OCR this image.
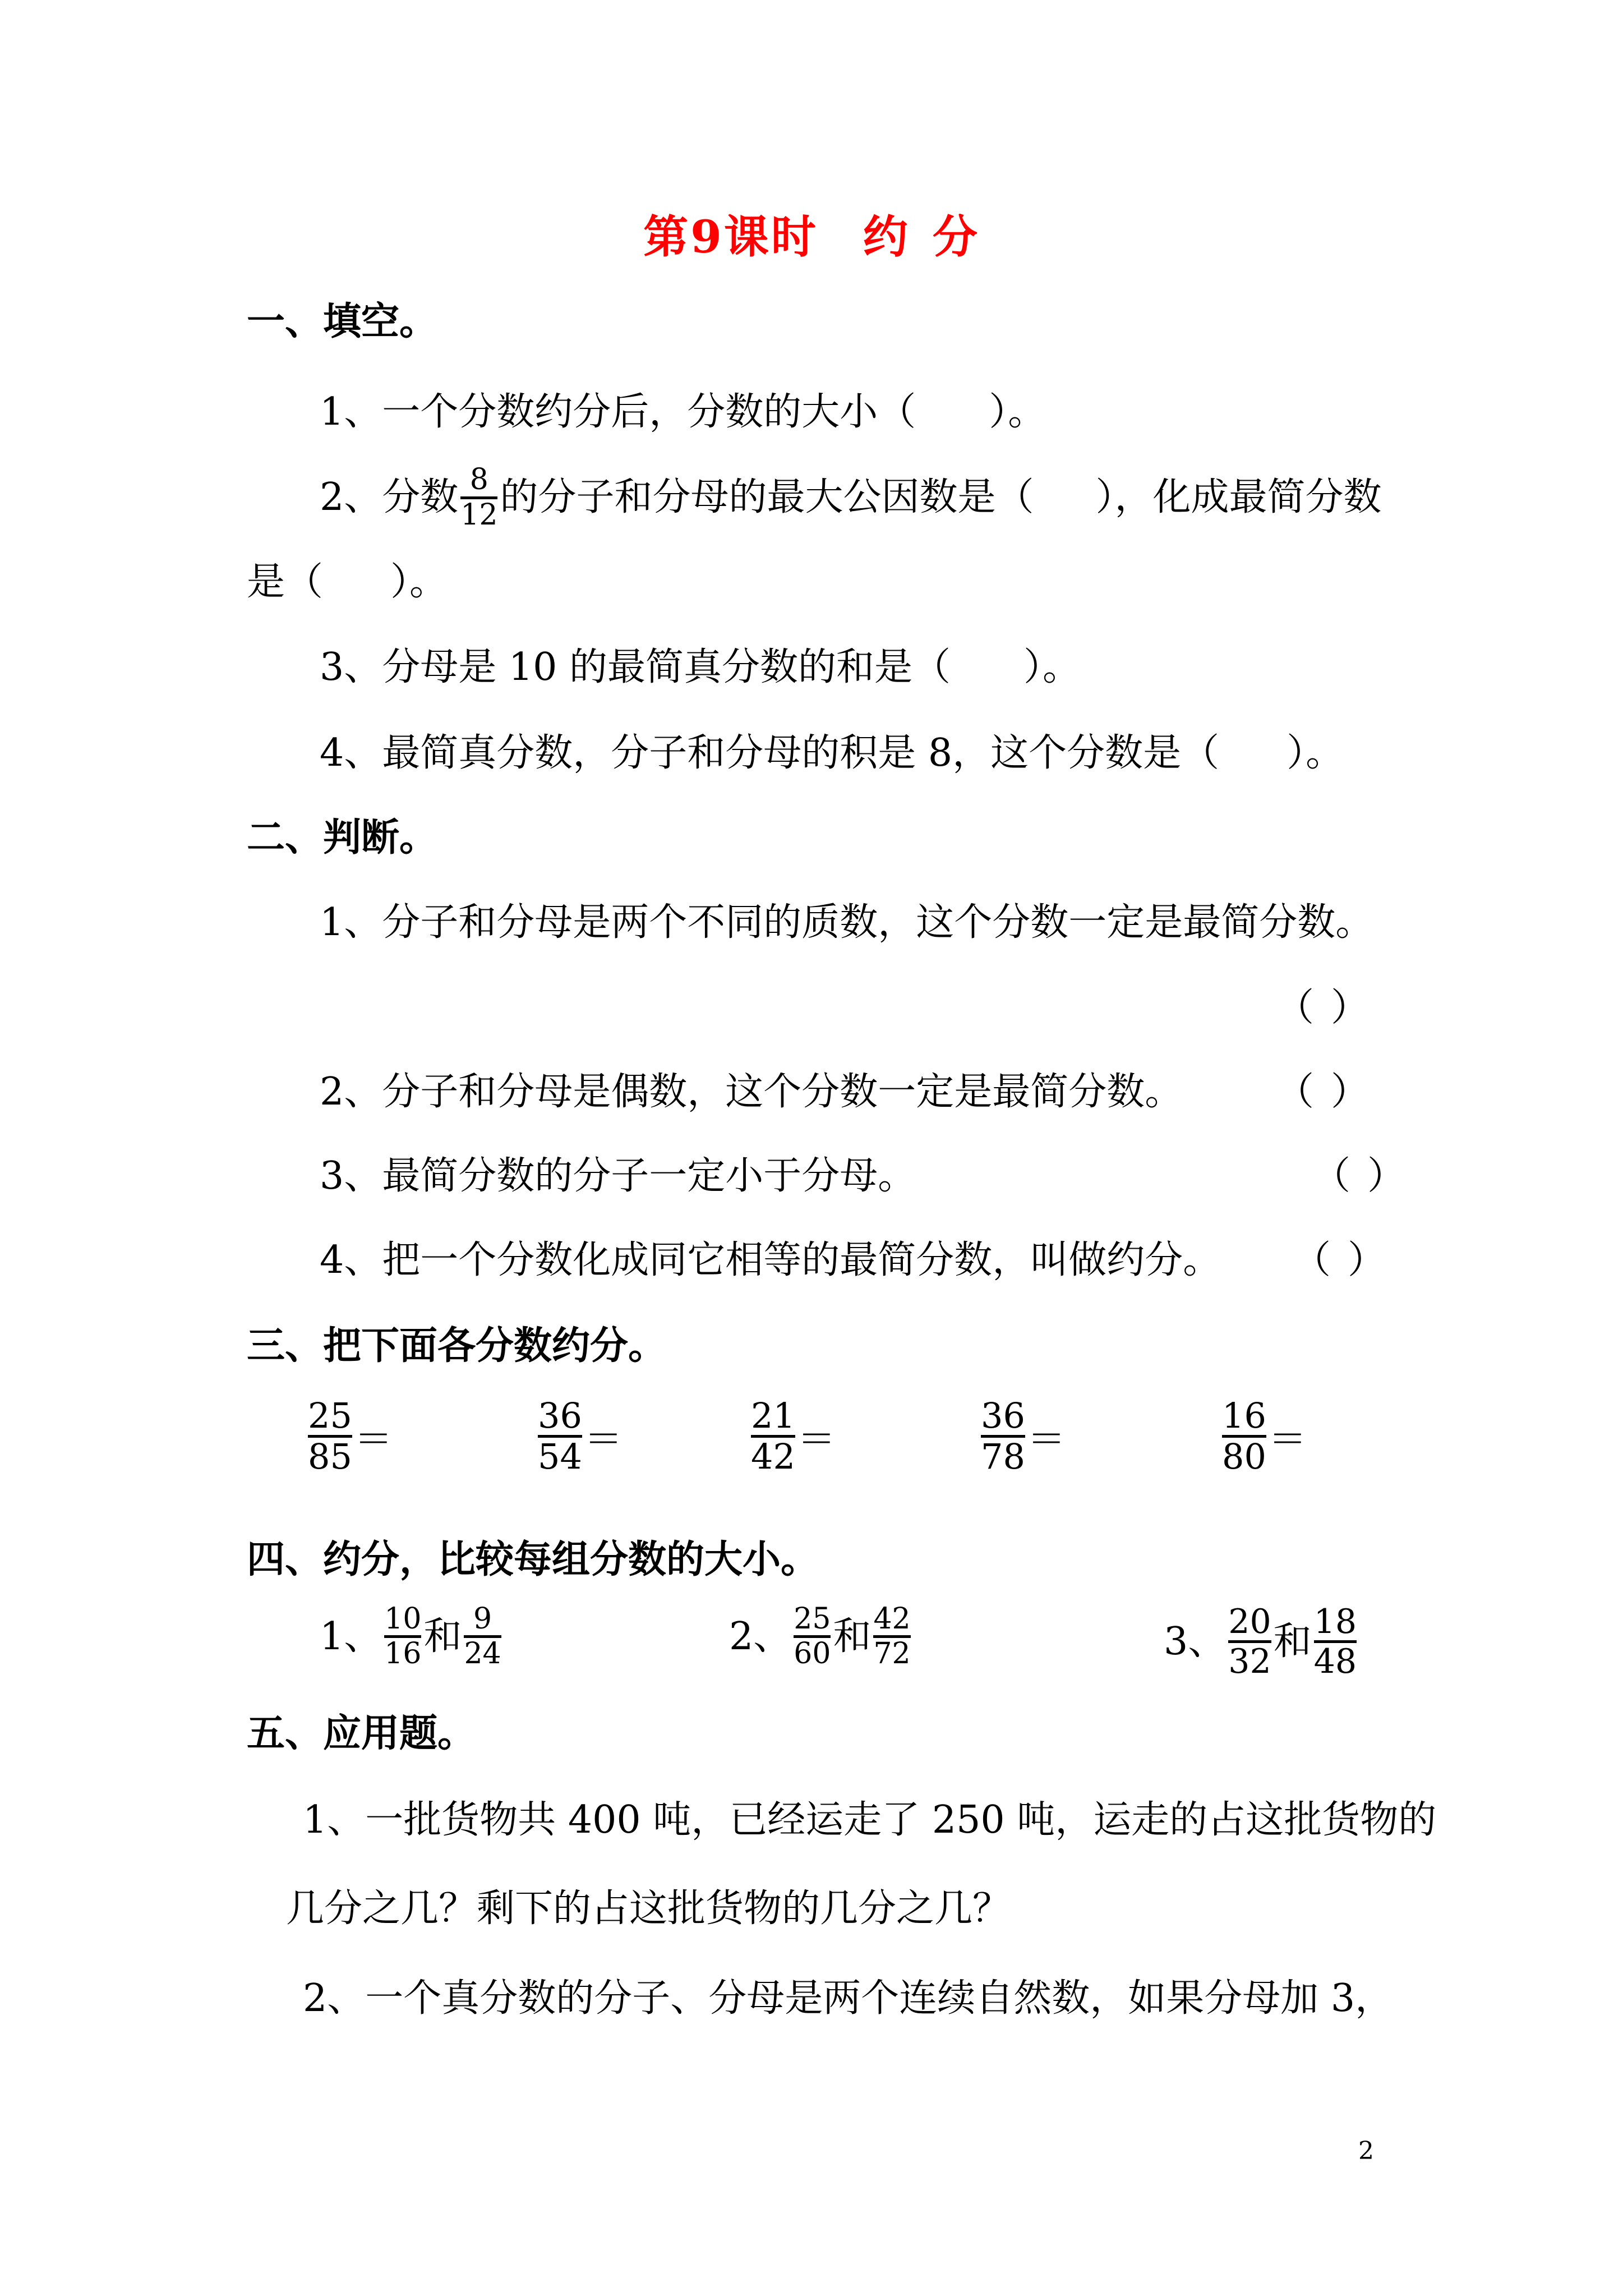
第9课时 约 分
一、填空。
1、一个分数约分后，分数的大小（ ）。
2、分数 8
12 的分子和分母的最大公因数是（ ），化成最简分数
是（ ）。
3、分母是 10 的最简真分数的和是（ ）。
4、最简真分数，分子和分母的积是 8，这个分数是（ ）。
二、判断。
1、分子和分母是两个不同的质数，这个分数一定是最简分数。
（ ）
2、分子和分母是偶数，这个分数一定是最简分数。 （ ）
3、最简分数的分子一定小于分母。	（ ）
4、把一个分数化成同它相等的最简分数，叫做约分。 （ ）
三、把下面各分数约分。
25
85 ＝
36
54 ＝
21
42 ＝
36
78 ＝
16
80 ＝
四、约分，比较每组分数的大小。
1、 10
16 和 9
24	2、 25
60 和 42
72	3、 20
32 和 18
48
五、应用题。
1、一批货物共 400 吨，已经运走了 250 吨，运走的占这批货物的
几分之几？剩下的占这批货物的几分之几？
2、一个真分数的分子、分母是两个连续自然数，如果分母加 3，
2
